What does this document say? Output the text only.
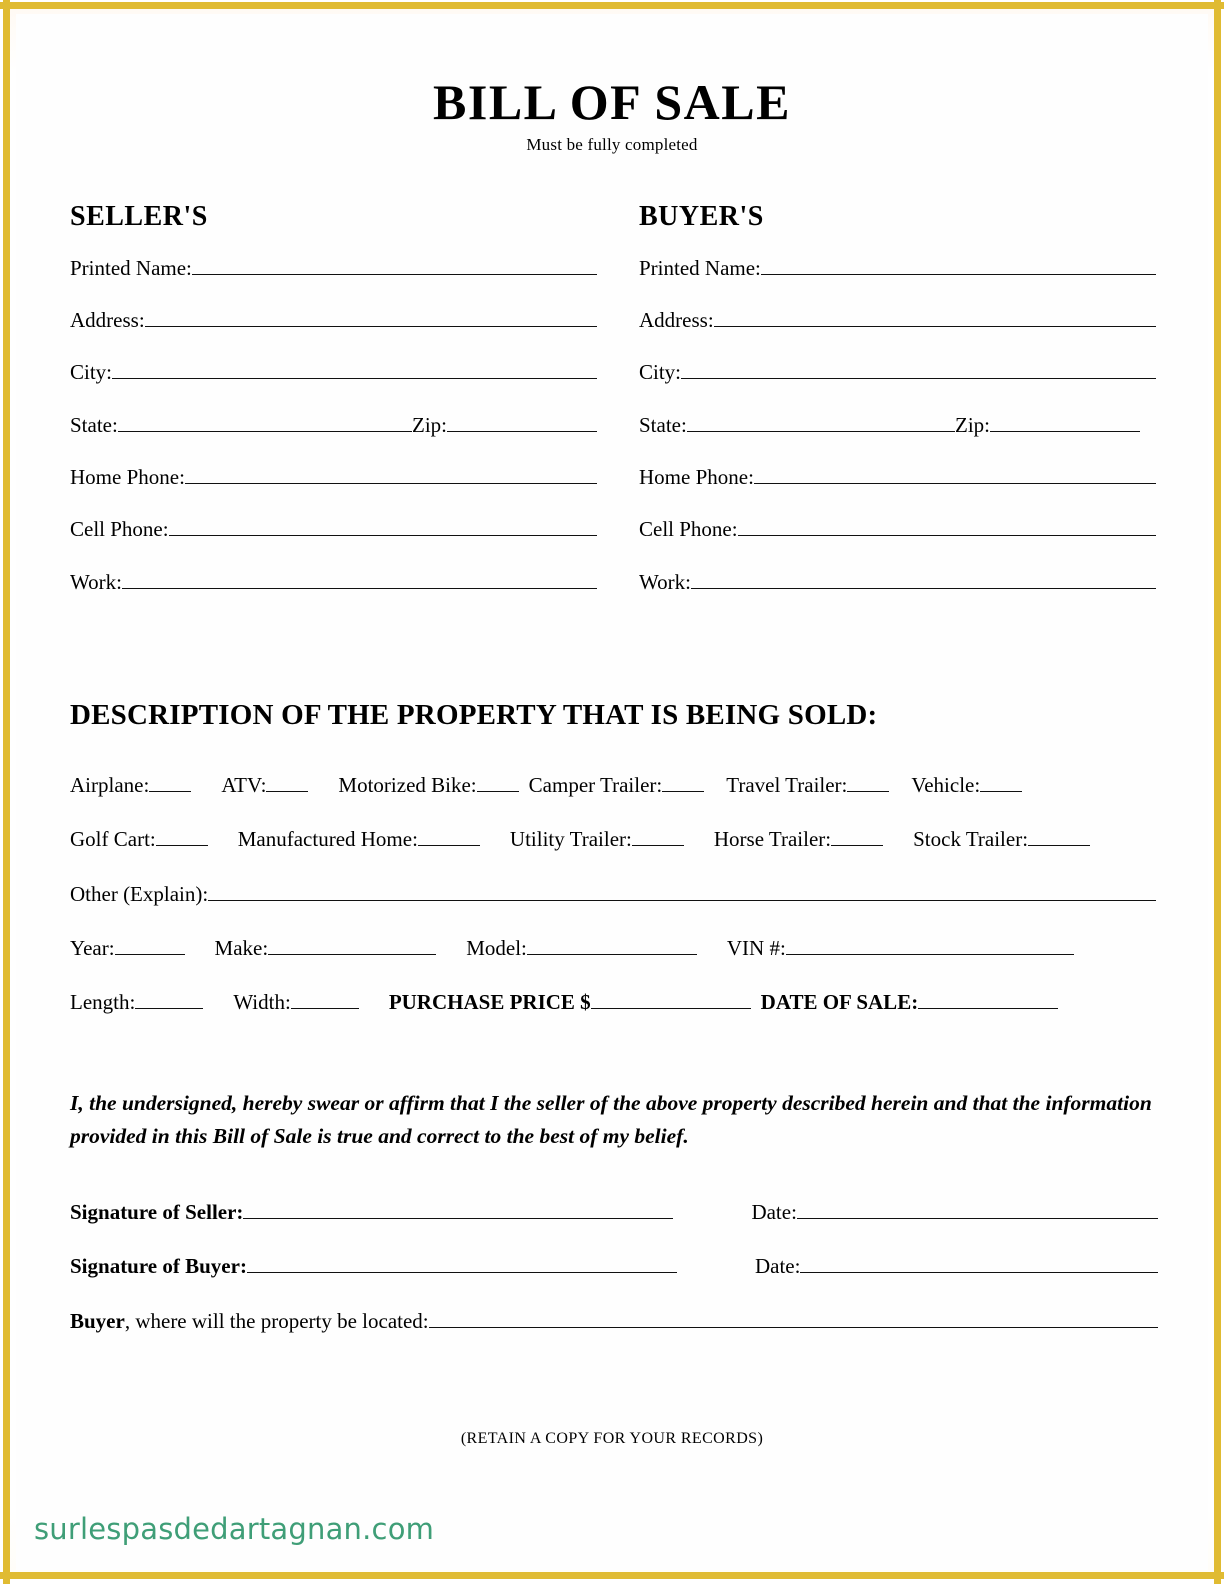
BILL OF SALE
Must be fully completed
SELLER'S
Printed Name:
Address:
City:
State:	Zip:
Home Phone:
Cell Phone:
Work:
BUYER'S
Printed Name:
Address:
City:
State:	Zip:
Home Phone:
Cell Phone:
Work:
DESCRIPTION OF THE PROPERTY THAT IS BEING SOLD:
Airplane:	ATV:	Motorized Bike: Camper Trailer:	Travel Trailer:	Vehicle:
Golf Cart:	Manufactured Home:	Utility Trailer:	Horse Trailer:	Stock Trailer:
Other (Explain):
Year:	Make:	Model:	VIN #:
Length:	Width:	PURCHASE PRICE $	DATE OF SALE:
I, the undersigned, hereby swear or affirm that I the seller of the above property described herein and that the information provided in this Bill of Sale is true and correct to the best of my belief.
Signature of Seller:	Date:
Signature of Buyer:	Date:
Buyer , where will the property be located:
(RETAIN A COPY FOR YOUR RECORDS)
surlespasdedartagnan.com
